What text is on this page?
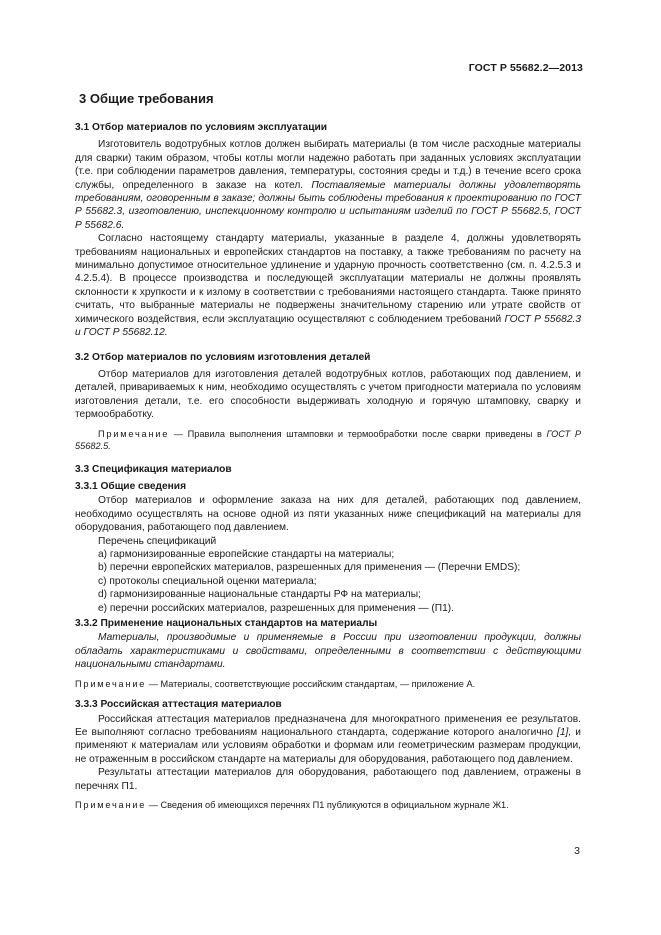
ГОСТ Р 55682.2—2013
3 Общие требования
3.1 Отбор материалов по условиям эксплуатации

Изготовитель водотрубных котлов должен выбирать материалы (в том числе расходные материалы для сварки) таким образом, чтобы котлы могли надежно работать при заданных условиях эксплуатации (т.е. при соблюдении параметров давления, температуры, состояния среды и т.д.) в течение всего срока службы, определенного в заказе на котел. Поставляемые материалы должны удовлетворять требованиям, оговоренным в заказе; должны быть соблюдены требования к проектированию по ГОСТ Р 55682.3, изготовлению, инспекционному контролю и испытаниям изделий по ГОСТ Р 55682.5, ГОСТ Р 55682.6.

Согласно настоящему стандарту материалы, указанные в разделе 4, должны удовлетворять требованиям национальных и европейских стандартов на поставку, а также требованиям по расчету на минимально допустимое относительное удлинение и ударную прочность соответственно (см. п. 4.2.5.3 и 4.2.5.4). В процессе производства и последующей эксплуатации материалы не должны проявлять склонности к хрупкости и к излому в соответствии с требованиями настоящего стандарта. Также принято считать, что выбранные материалы не подвержены значительному старению или утрате свойств от химического воздействия, если эксплуатацию осуществляют с соблюдением требований ГОСТ Р 55682.3 и ГОСТ Р 55682.12.

3.2 Отбор материалов по условиям изготовления деталей

Отбор материалов для изготовления деталей водотрубных котлов, работающих под давлением, и деталей, привариваемых к ним, необходимо осуществлять с учетом пригодности материала по условиям изготовления детали, т.е. его способности выдерживать холодную и горячую штамповку, сварку и термообработку.

Примечание — Правила выполнения штамповки и термообработки после сварки приведены в ГОСТ Р 55682.5.
3.3 Спецификация материалов
3.3.1 Общие сведения

Отбор материалов и оформление заказа на них для деталей, работающих под давлением, необходимо осуществлять на основе одной из пяти указанных ниже спецификаций на материалы для оборудования, работающего под давлением.

Перечень спецификаций

a) гармонизированные европейские стандарты на материалы;
b) перечни европейских материалов, разрешенных для применения — (Перечни EMDS);
c) протоколы специальной оценки материала;
d) гармонизированные национальные стандарты РФ на материалы;
e) перечни российских материалов, разрешенных для применения — (П1).
3.3.2 Применение национальных стандартов на материалы

Материалы, производимые и применяемые в России при изготовлении продукции, должны обладать характеристиками и свойствами, определенными в соответствии с действующими национальными стандартами.

Примечание — Материалы, соответствующие российским стандартам, — приложение А.
3.3.3 Российская аттестация материалов

Российская аттестация материалов предназначена для многократного применения ее результатов. Ее выполняют согласно требованиям национального стандарта, содержание которого аналогично [1], и применяют к материалам или условиям обработки и формам или геометрическим размерам продукции, не отраженным в российском стандарте на материалы для оборудования, работающего под давлением.

Результаты аттестации материалов для оборудования, работающего под давлением, отражены в перечнях П1.

Примечание — Сведения об имеющихся перечнях П1 публикуются в официальном журнале Ж1.
3
